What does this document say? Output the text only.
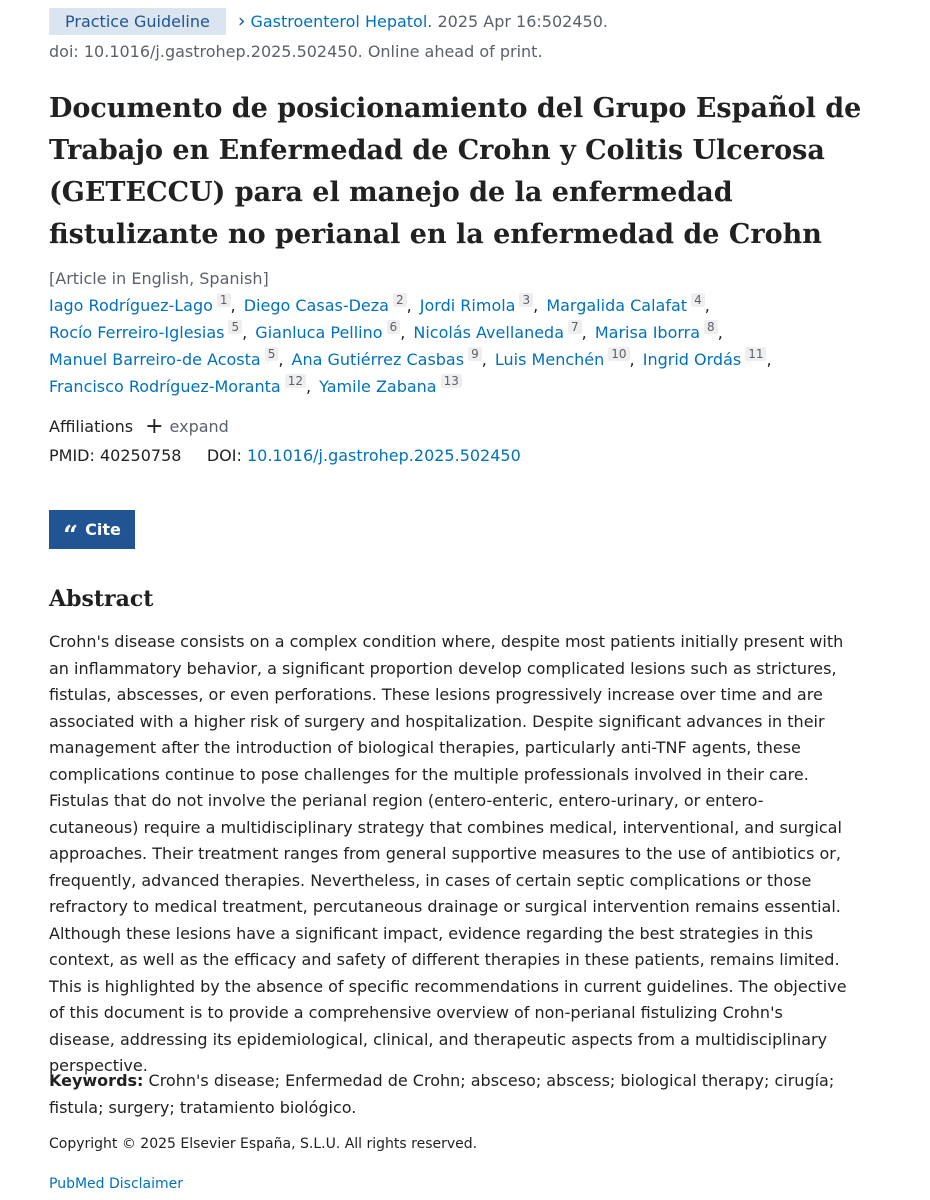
Practice Guideline	› Gastroenterol Hepatol. 2025 Apr 16:502450.
doi: 10.1016/j.gastrohep.2025.502450. Online ahead of print.
Documento de posicionamiento del Grupo Español de Trabajo en Enfermedad de Crohn y Colitis Ulcerosa (GETECCU) para el manejo de la enfermedad fistulizante no perianal en la enfermedad de Crohn
[Article in English, Spanish]
Iago Rodríguez-Lago 1 , Diego Casas-Deza 2 , Jordi Rimola 3 , Margalida Calafat 4 ,
Rocío Ferreiro-Iglesias 5 , Gianluca Pellino 6 , Nicolás Avellaneda 7 , Marisa Iborra 8 ,
Manuel Barreiro-de Acosta 5 , Ana Gutiérrez Casbas 9 , Luis Menchén 10 , Ingrid Ordás 11 ,
Francisco Rodríguez-Moranta 12 , Yamile Zabana 13
Affiliations + expand
PMID: 40250758 DOI: 10.1016/j.gastrohep.2025.502450
“ Cite
Abstract

Crohn's disease consists on a complex condition where, despite most patients initially present with an inflammatory behavior, a significant proportion develop complicated lesions such as strictures, fistulas, abscesses, or even perforations. These lesions progressively increase over time and are associated with a higher risk of surgery and hospitalization. Despite significant advances in their management after the introduction of biological therapies, particularly anti-TNF agents, these complications continue to pose challenges for the multiple professionals involved in their care. Fistulas that do not involve the perianal region (entero-enteric, entero-urinary, or entero-cutaneous) require a multidisciplinary strategy that combines medical, interventional, and surgical approaches. Their treatment ranges from general supportive measures to the use of antibiotics or, frequently, advanced therapies. Nevertheless, in cases of certain septic complications or those refractory to medical treatment, percutaneous drainage or surgical intervention remains essential. Although these lesions have a significant impact, evidence regarding the best strategies in this context, as well as the efficacy and safety of different therapies in these patients, remains limited. This is highlighted by the absence of specific recommendations in current guidelines. The objective of this document is to provide a comprehensive overview of non-perianal fistulizing Crohn's disease, addressing its epidemiological, clinical, and therapeutic aspects from a multidisciplinary perspective.

Keywords: Crohn's disease; Enfermedad de Crohn; absceso; abscess; biological therapy; cirugía; fistula; surgery; tratamiento biológico.

Copyright © 2025 Elsevier España, S.L.U. All rights reserved.
PubMed Disclaimer
